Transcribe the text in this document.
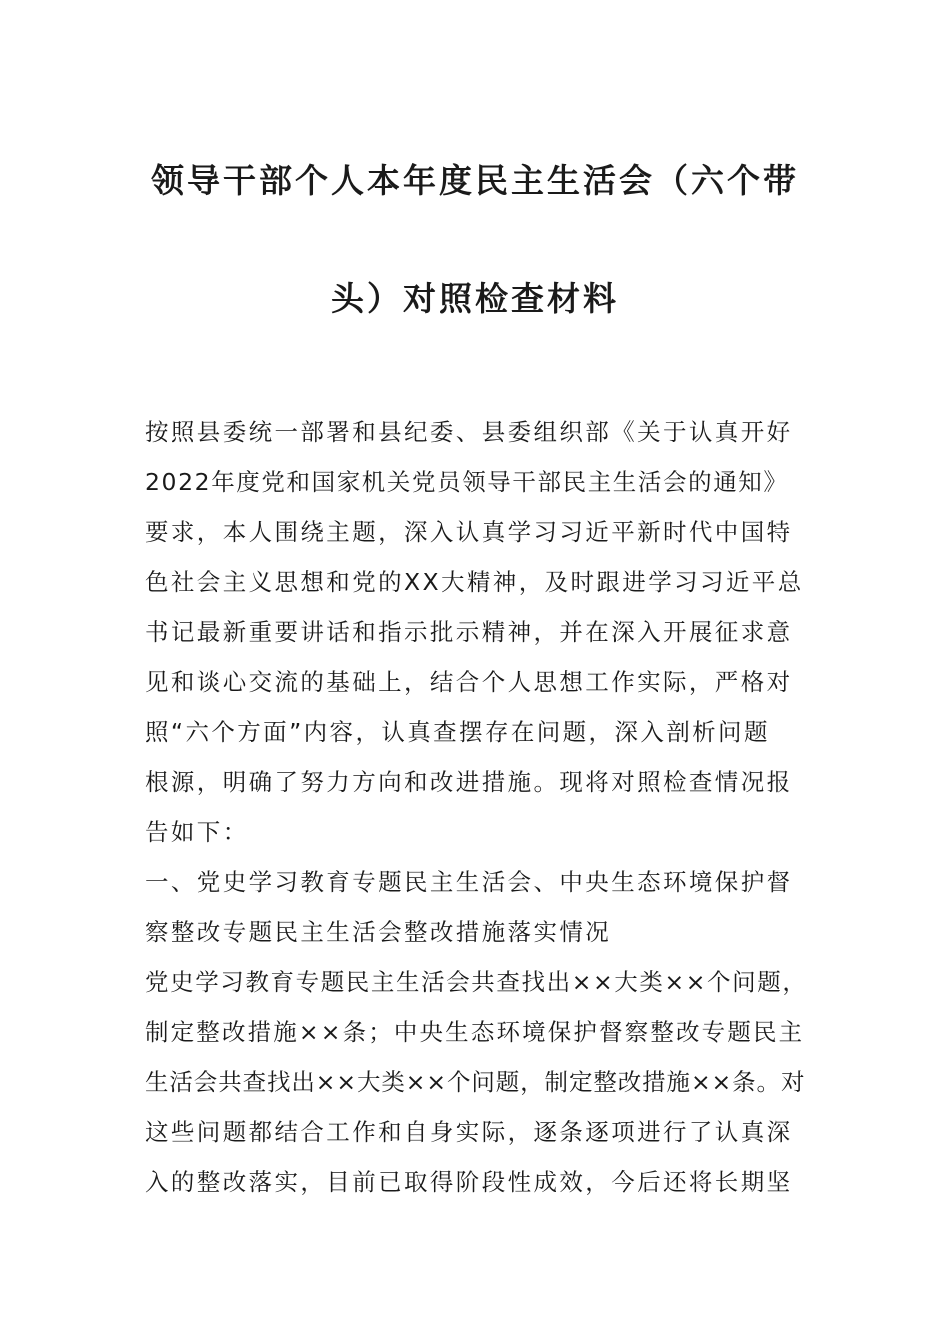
领导干部个人本年度民主生活会（六个带
头）对照检查材料
按照县委统一部署和县纪委、县委组织部《关于认真开好
2022年度党和国家机关党员领导干部民主生活会的通知》
要求，本人围绕主题，深入认真学习习近平新时代中国特
色社会主义思想和党的XX大精神，及时跟进学习习近平总
书记最新重要讲话和指示批示精神，并在深入开展征求意
见和谈心交流的基础上，结合个人思想工作实际，严格对
照“六个方面”内容，认真查摆存在问题，深入剖析问题
根源，明确了努力方向和改进措施。现将对照检查情况报
告如下：
一、党史学习教育专题民主生活会、中央生态环境保护督
察整改专题民主生活会整改措施落实情况
党史学习教育专题民主生活会共查找出××大类××个问题，
制定整改措施××条；中央生态环境保护督察整改专题民主
生活会共查找出××大类××个问题，制定整改措施××条。对
这些问题都结合工作和自身实际，逐条逐项进行了认真深
入的整改落实，目前已取得阶段性成效，今后还将长期坚
